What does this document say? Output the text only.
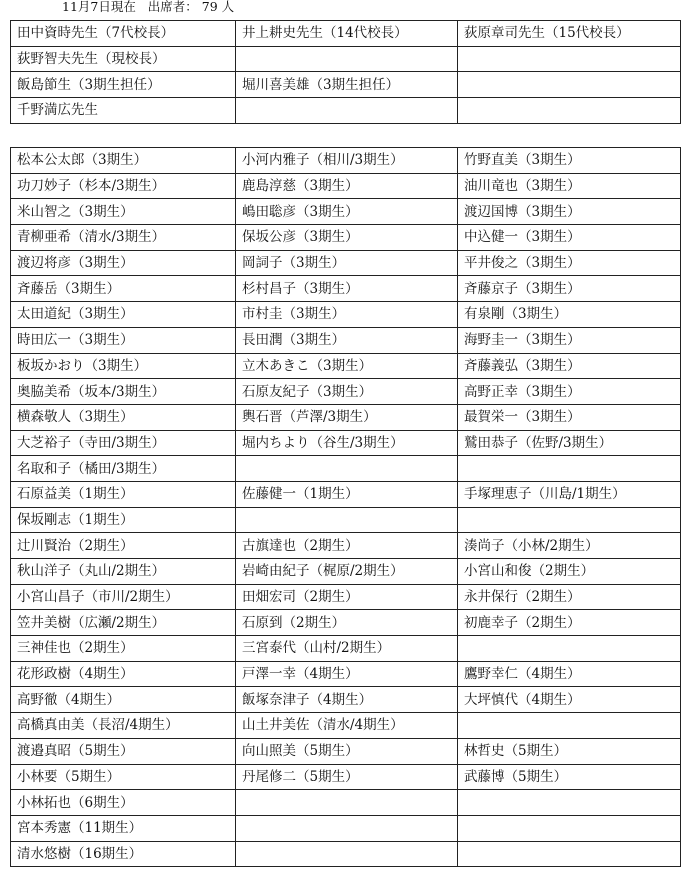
11月7日現在 出席者： 79 人
田中資時先生（7代校長）	井上耕史先生（14代校長）	荻原章司先生（15代校長）
荻野智夫先生（現校長）		
飯島節生（3期生担任）	堀川喜美雄（3期生担任）	
千野満広先生		
松本公太郎（3期生）	小河内雅子（相川/3期生）	竹野直美（3期生）
功刀妙子（杉本/3期生）	鹿島淳慈（3期生）	油川竜也（3期生）
米山智之（3期生）	嶋田聡彦（3期生）	渡辺国博（3期生）
青柳亜希（清水/3期生）	保坂公彦（3期生）	中込健一（3期生）
渡辺将彦（3期生）	岡詞子（3期生）	平井俊之（3期生）
斉藤岳（3期生）	杉村昌子（3期生）	斉藤京子（3期生）
太田道紀（3期生）	市村圭（3期生）	有泉剛（3期生）
時田広一（3期生）	長田潤（3期生）	海野圭一（3期生）
板坂かおり（3期生）	立木あきこ（3期生）	斉藤義弘（3期生）
奥脇美希（坂本/3期生）	石原友紀子（3期生）	高野正幸（3期生）
横森敬人（3期生）	輿石晋（芦澤/3期生）	最賀栄一（3期生）
大芝裕子（寺田/3期生）	堀内ちより（谷生/3期生）	鷲田恭子（佐野/3期生）
名取和子（橘田/3期生）		
石原益美（1期生）	佐藤健一（1期生）	手塚理恵子（川島/1期生）
保坂剛志（1期生）		
辻川賢治（2期生）	古旗達也（2期生）	湊尚子（小林/2期生）
秋山洋子（丸山/2期生）	岩崎由紀子（梶原/2期生）	小宮山和俊（2期生）
小宮山昌子（市川/2期生）	田畑宏司（2期生）	永井保行（2期生）
笠井美樹（広瀬/2期生）	石原到（2期生）	初鹿幸子（2期生）
三神佳也（2期生）	三宮泰代（山村/2期生）	
花形政樹（4期生）	戸澤一幸（4期生）	鷹野幸仁（4期生）
高野徹（4期生）	飯塚奈津子（4期生）	大坪慎代（4期生）
高橋真由美（長沼/4期生）	山土井美佐（清水/4期生）	
渡邉真昭（5期生）	向山照美（5期生）	林哲史（5期生）
小林要（5期生）	丹尾修二（5期生）	武藤博（5期生）
小林拓也（6期生）		
宮本秀憲（11期生）		
清水悠樹（16期生）		
